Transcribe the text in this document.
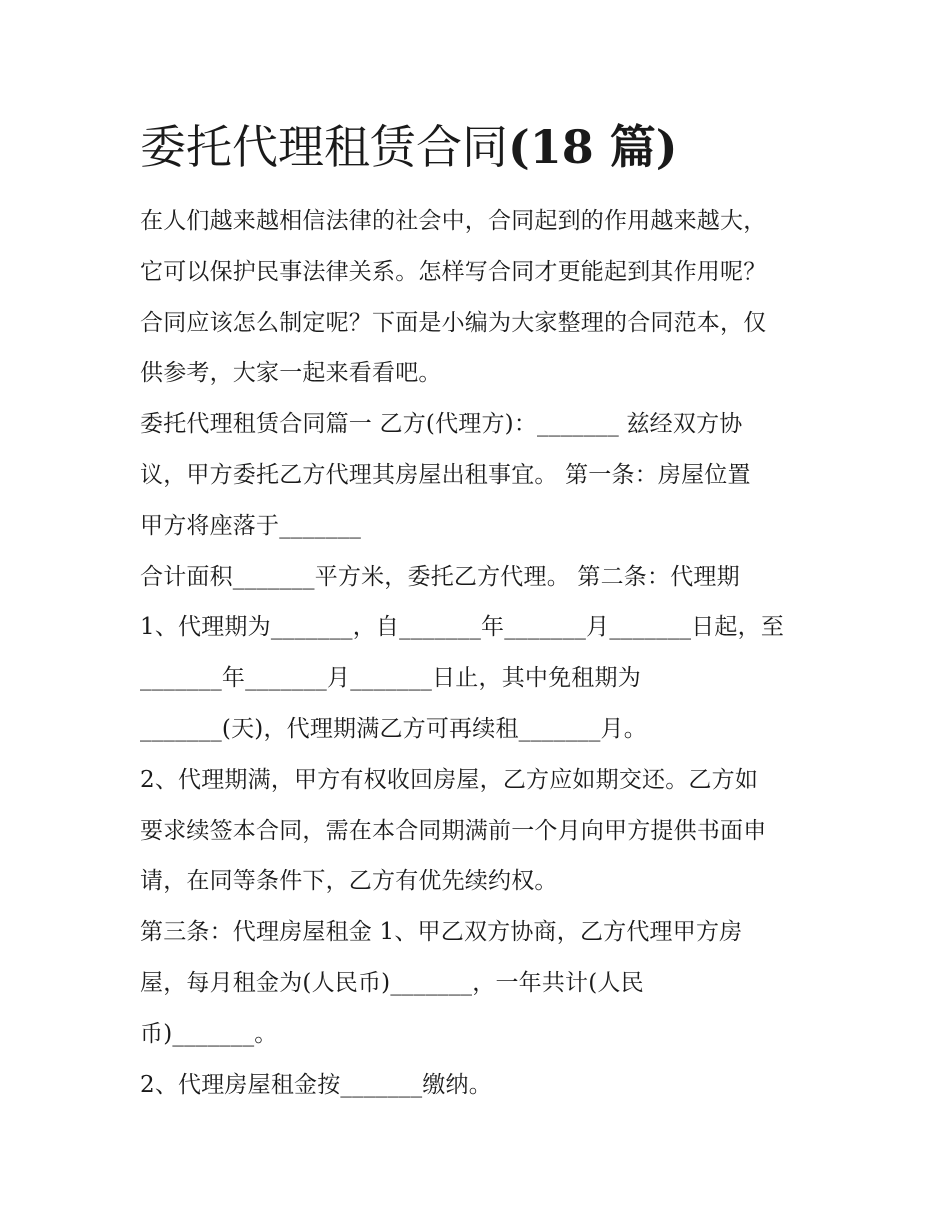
委托代理租赁合同(18 篇)
在人们越来越相信法律的社会中，合同起到的作用越来越大，
它可以保护民事法律关系。怎样写合同才更能起到其作用呢？
合同应该怎么制定呢？下面是小编为大家整理的合同范本，仅
供参考，大家一起来看看吧。
委托代理租赁合同篇一 乙方(代理方)：_______ 兹经双方协
议，甲方委托乙方代理其房屋出租事宜。 第一条：房屋位置
甲方将座落于_______
合计面积_______平方米，委托乙方代理。 第二条：代理期
1、代理期为_______，自_______年_______月_______日起，至
_______年_______月_______日止，其中免租期为
_______(天)，代理期满乙方可再续租_______月。
2、代理期满，甲方有权收回房屋，乙方应如期交还。乙方如
要求续签本合同，需在本合同期满前一个月向甲方提供书面申
请，在同等条件下，乙方有优先续约权。
第三条：代理房屋租金 1、甲乙双方协商，乙方代理甲方房
屋，每月租金为(人民币)_______，一年共计(人民
币)_______。
2、代理房屋租金按_______缴纳。
